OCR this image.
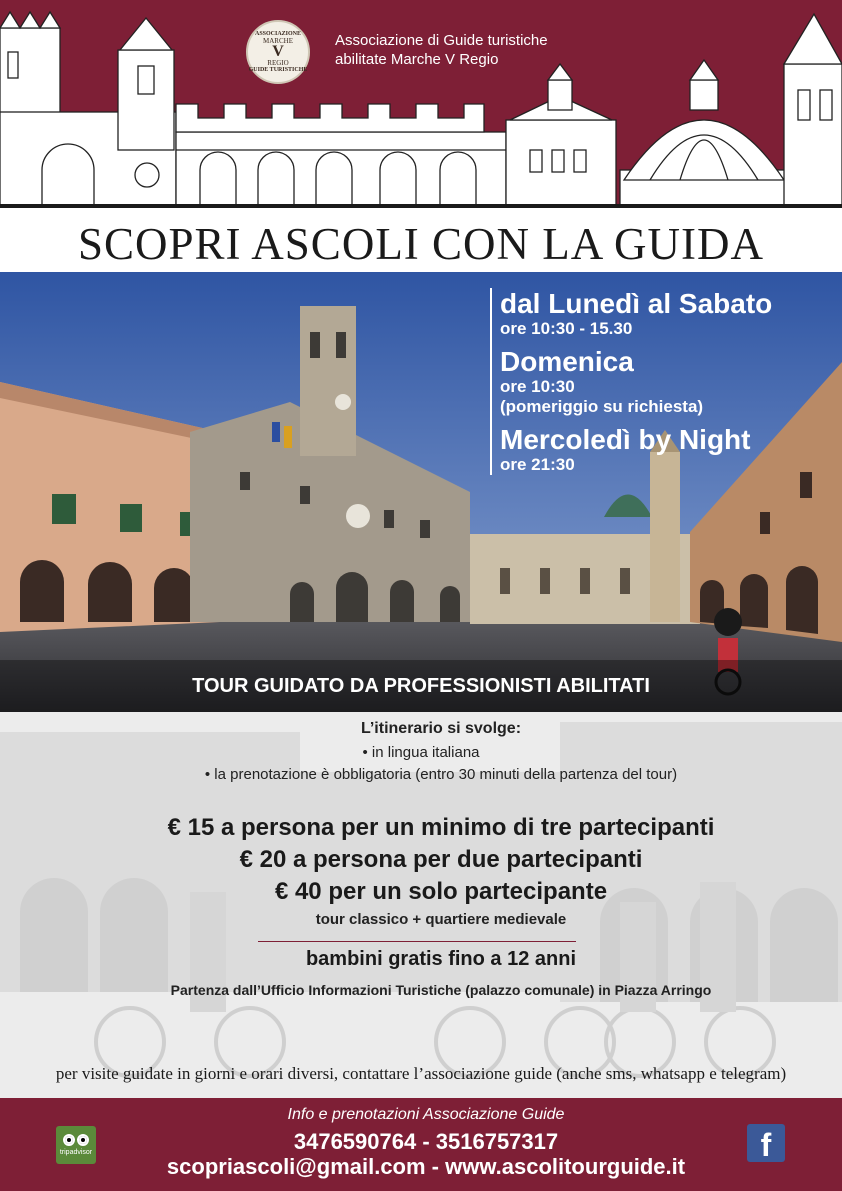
ASSOCIAZIONE
MARCHE
V
REGIO
GUIDE TURISTICHE
Associazione di Guide turistiche
abilitate Marche V Regio
SCOPRI ASCOLI CON LA GUIDA
dal Lunedì al Sabato
ore 10:30 - 15.30
Domenica
ore 10:30
(pomeriggio su richiesta)
Mercoledì by Night
ore 21:30
TOUR GUIDATO DA PROFESSIONISTI ABILITATI
L’itinerario si svolge:
• in lingua italiana
• la prenotazione è obbligatoria (entro 30 minuti della partenza del tour)
€ 15 a persona per un minimo di tre partecipanti
€ 20 a persona per due partecipanti
€ 40 per un solo partecipante
tour classico + quartiere medievale
bambini gratis fino a 12 anni
Partenza dall’Ufficio Informazioni Turistiche (palazzo comunale) in Piazza Arringo
per visite guidate in giorni e orari diversi, contattare l’associazione guide (anche sms, whatsapp e telegram)
Info e prenotazioni Associazione Guide
3476590764 - 3516757317
scopriascoli@gmail.com - www.ascolitourguide.it
tripadvisor	f
